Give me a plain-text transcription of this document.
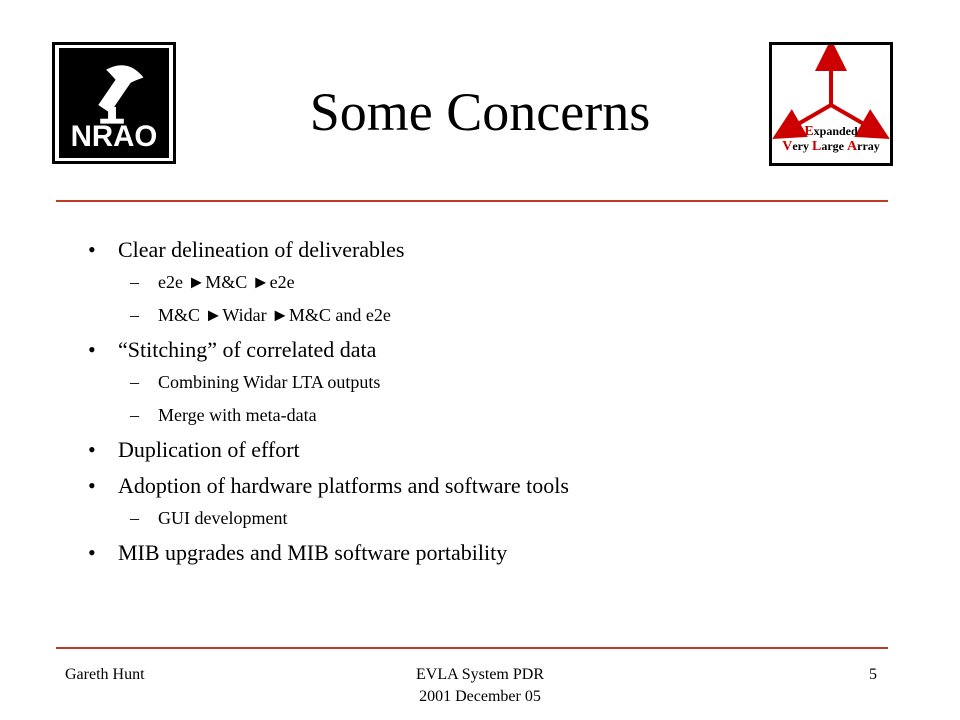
NRAO	Expanded
Very Large Array
Some Concerns
• Clear delineation of deliverables
– e2e ►M&C ►e2e
– M&C ►Widar ►M&C and e2e
• “Stitching” of correlated data
– Combining Widar LTA outputs
– Merge with meta-data
• Duplication of effort
• Adoption of hardware platforms and software tools
– GUI development
• MIB upgrades and MIB software portability
Gareth Hunt	EVLA System PDR
2001 December 05
5
